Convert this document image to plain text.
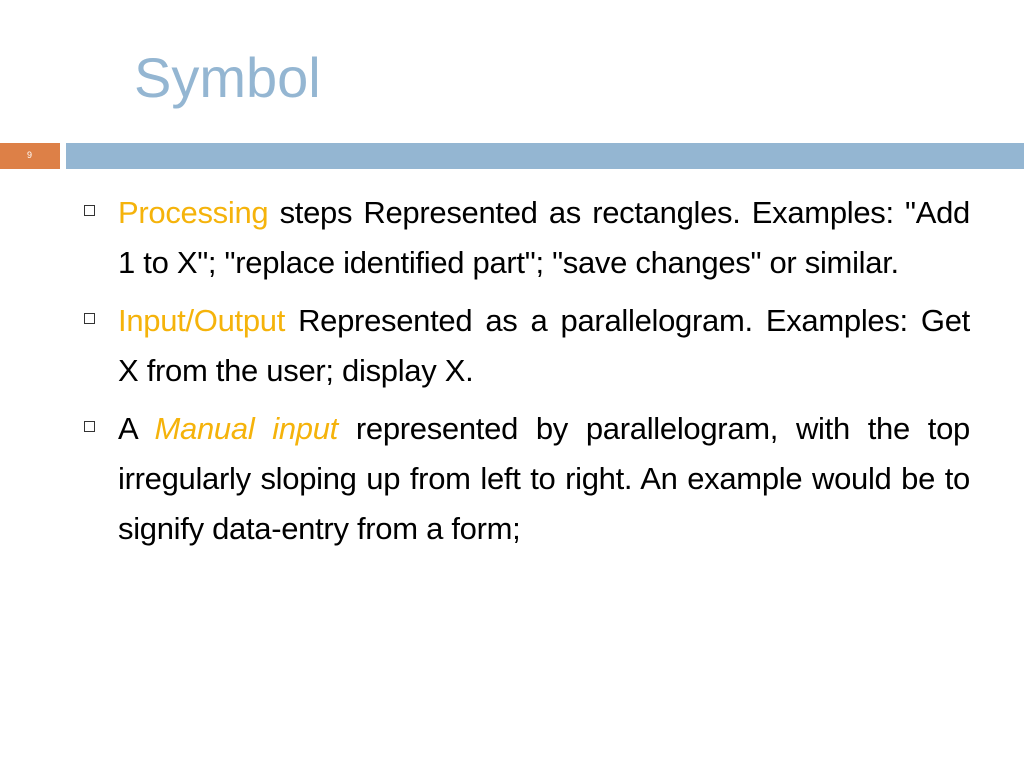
Symbol
9
Processing steps Represented as rectangles. Examples: "Add 1 to X"; "replace identified part"; "save changes" or similar.
Input/Output Represented as a parallelogram. Examples: Get X from the user; display X.
A Manual input represented by parallelogram, with the top irregularly sloping up from left to right. An example would be to signify data-entry from a form;
